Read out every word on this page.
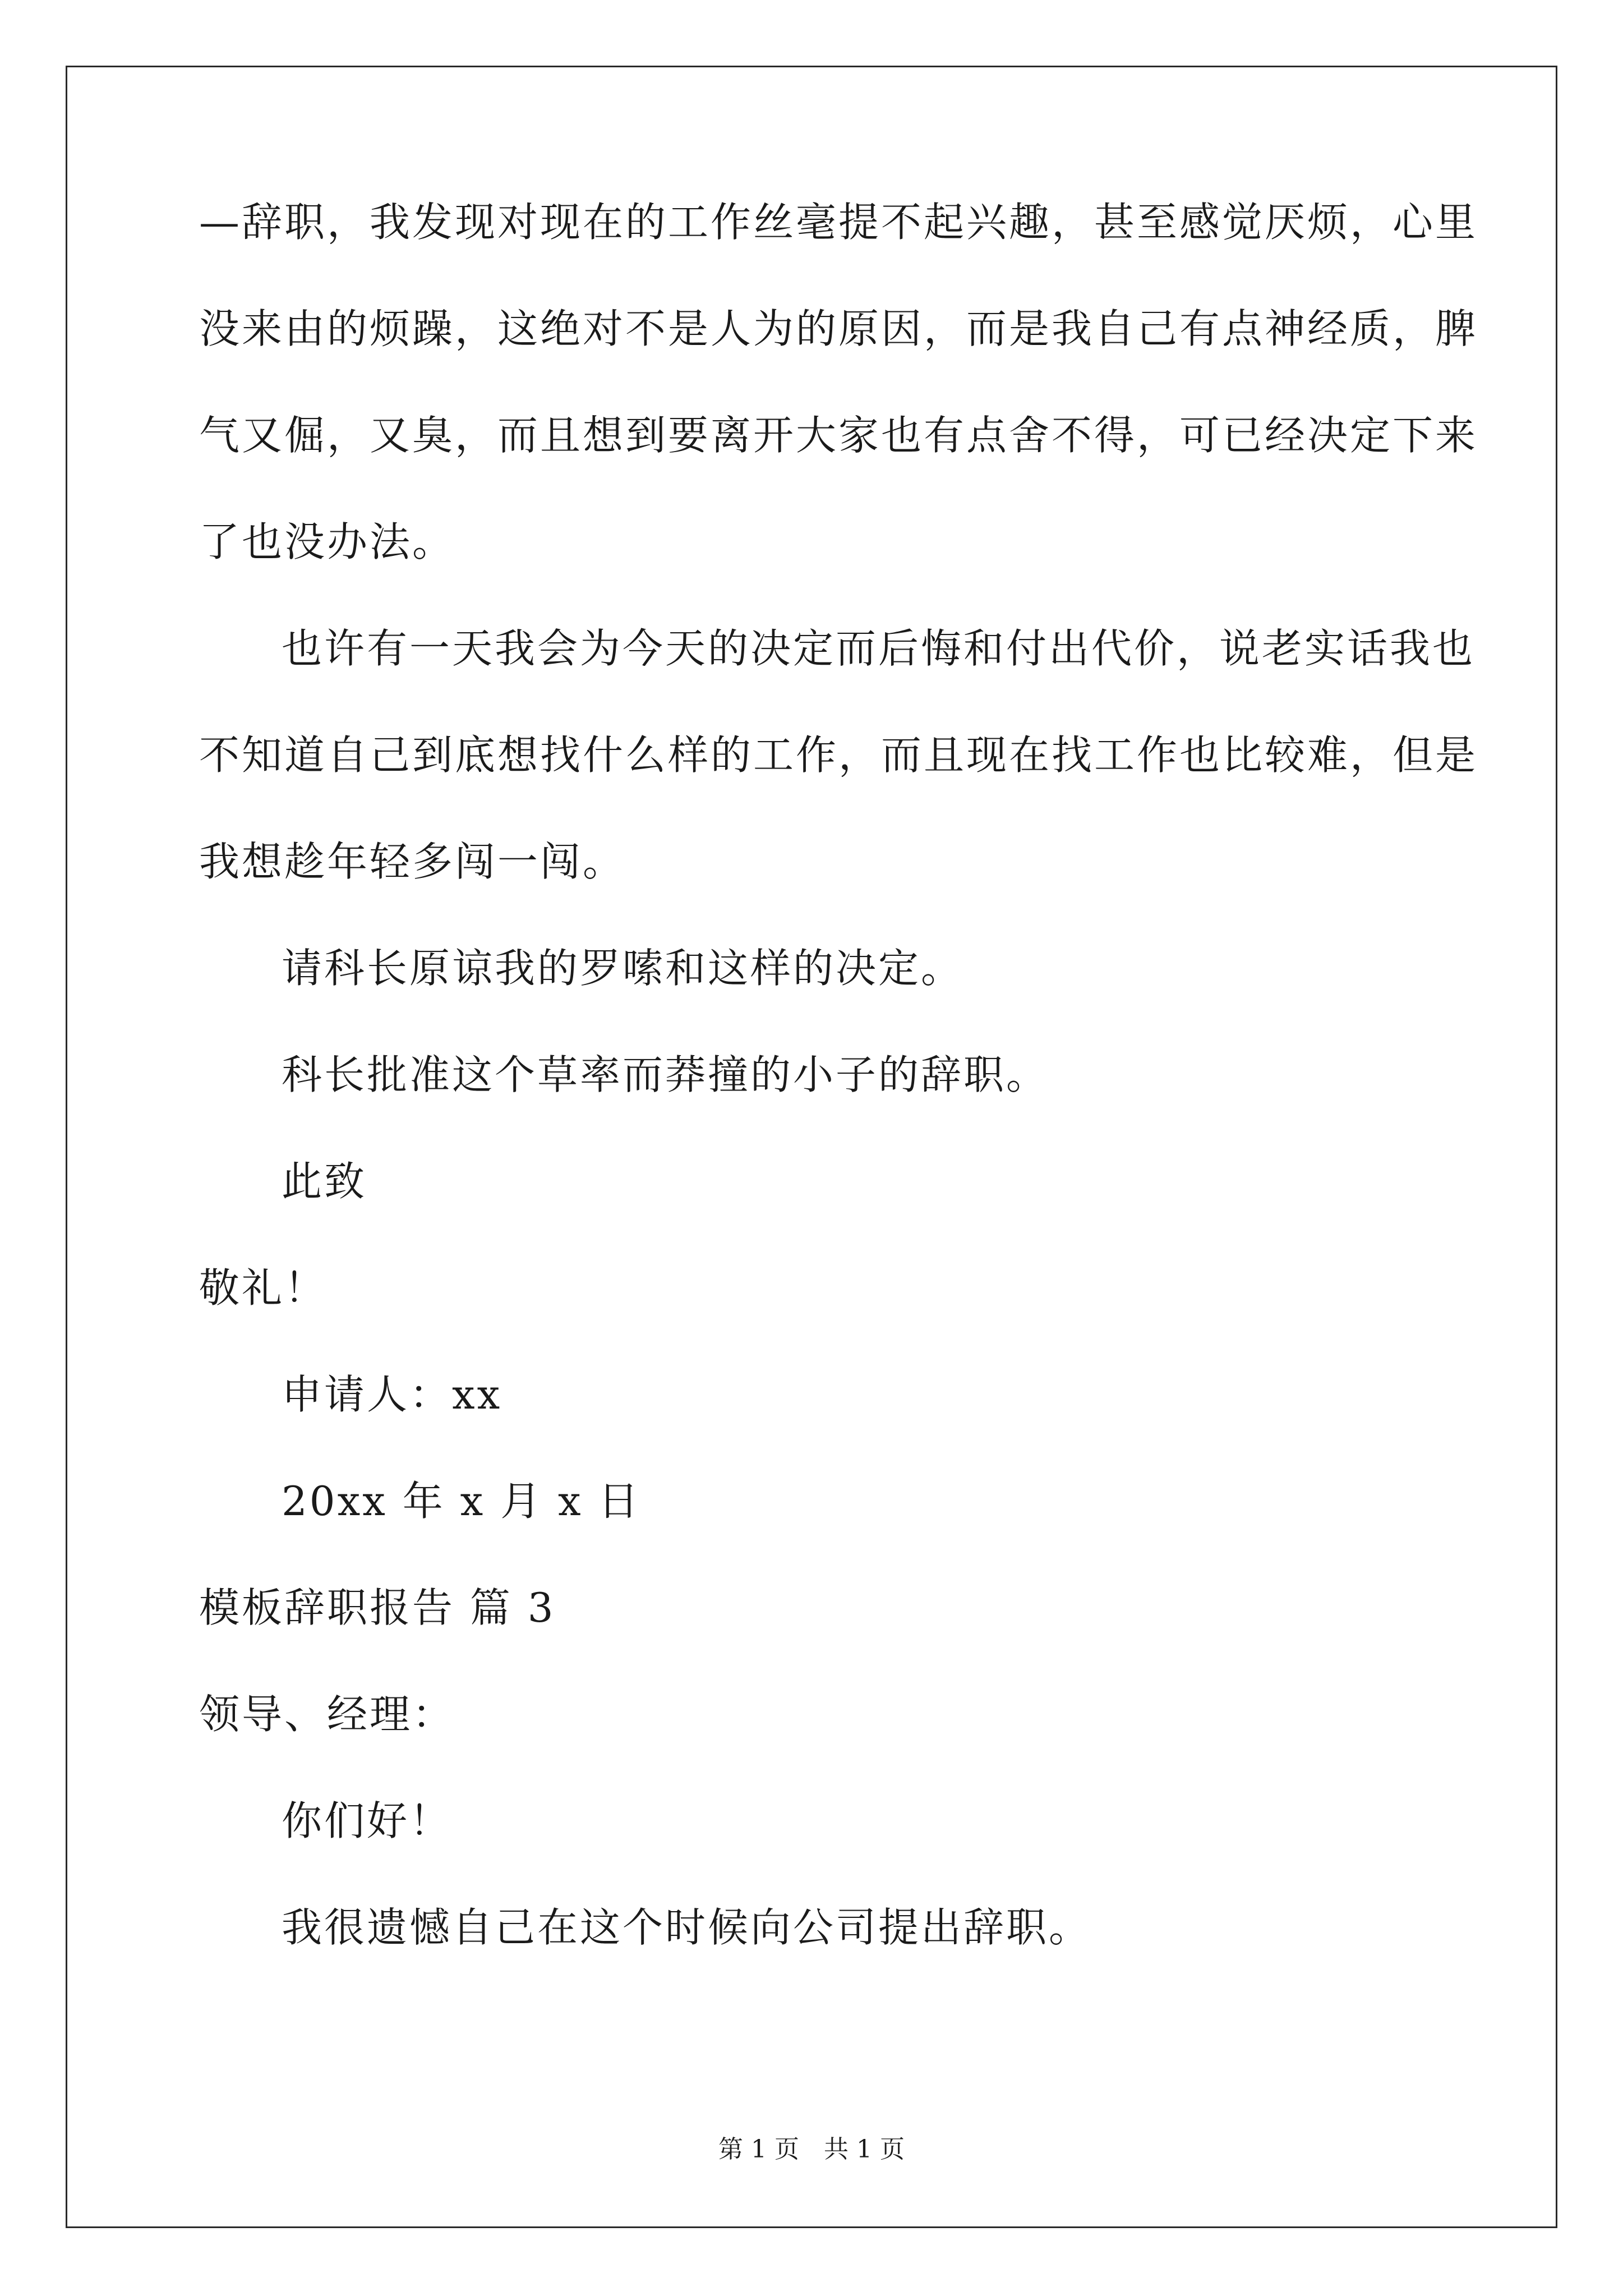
—辞职，我发现对现在的工作丝毫提不起兴趣，甚至感觉厌烦，心里

没来由的烦躁，这绝对不是人为的原因，而是我自己有点神经质，脾

气又倔，又臭，而且想到要离开大家也有点舍不得，可已经决定下来

了也没办法。

也许有一天我会为今天的决定而后悔和付出代价，说老实话我也

不知道自己到底想找什么样的工作，而且现在找工作也比较难，但是

我想趁年轻多闯一闯。

请科长原谅我的罗嗦和这样的决定。

科长批准这个草率而莽撞的小子的辞职。

此致

敬礼！

申请人：xx

20xx 年 x 月 x 日

模板辞职报告 篇 3

领导、经理：

你们好！

我很遗憾自己在这个时候向公司提出辞职。

第 1 页　共 1 页
